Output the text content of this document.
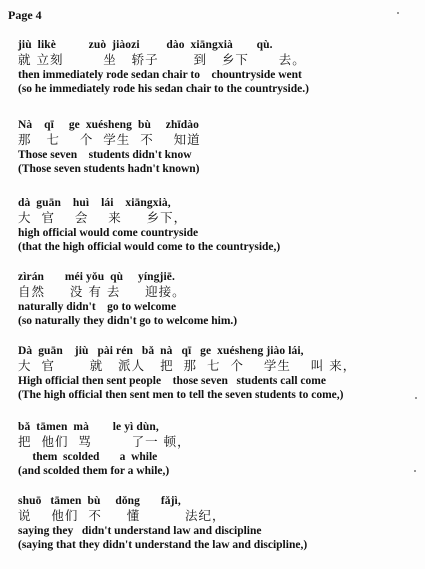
Page 4
jiù  likè           zuò  jiàozi         dào  xiāngxià        qù.
就 立刻        坐   轿子       到   乡下      去。
then immediately rode sedan chair to    chountryside went
(so he immediately rode his sedan chair to the countryside.)
Nà    qī     ge  xuésheng  bù     zhīdào
那   七    个  学生  不    知道
Those seven    students didn't know
(Those seven students hadn't known)
dà  guān    huì    lái    xiāngxià,
大  官    会    来     乡下，
high official would come countryside
(that the high official would come to the countryside,)
zìrán       méi yǒu  qù     yíngjiē.
自然     没 有 去     迎接。
naturally didn't    go to welcome
(so naturally they didn't go to welcome him.)
Dà  guān    jiù   pài rén   bǎ  nà   qī   ge  xuésheng jiào lái,
大  官       就   派人   把  那  七  个    学生    叫 来，
High official then sent people    those seven   students call come
(The high official then sent men to tell the seven students to come,)
bǎ  tāmen  mà        le yì dùn,
把  他们  骂        了一 顿，
them  scolded       a  while
(and scolded them for a while,)
shuō   tāmen  bù     dǒng       fǎjì,
说    他们  不     懂         法纪，
saying they   didn't understand law and discipline
(saying that they didn't understand the law and discipline,)
